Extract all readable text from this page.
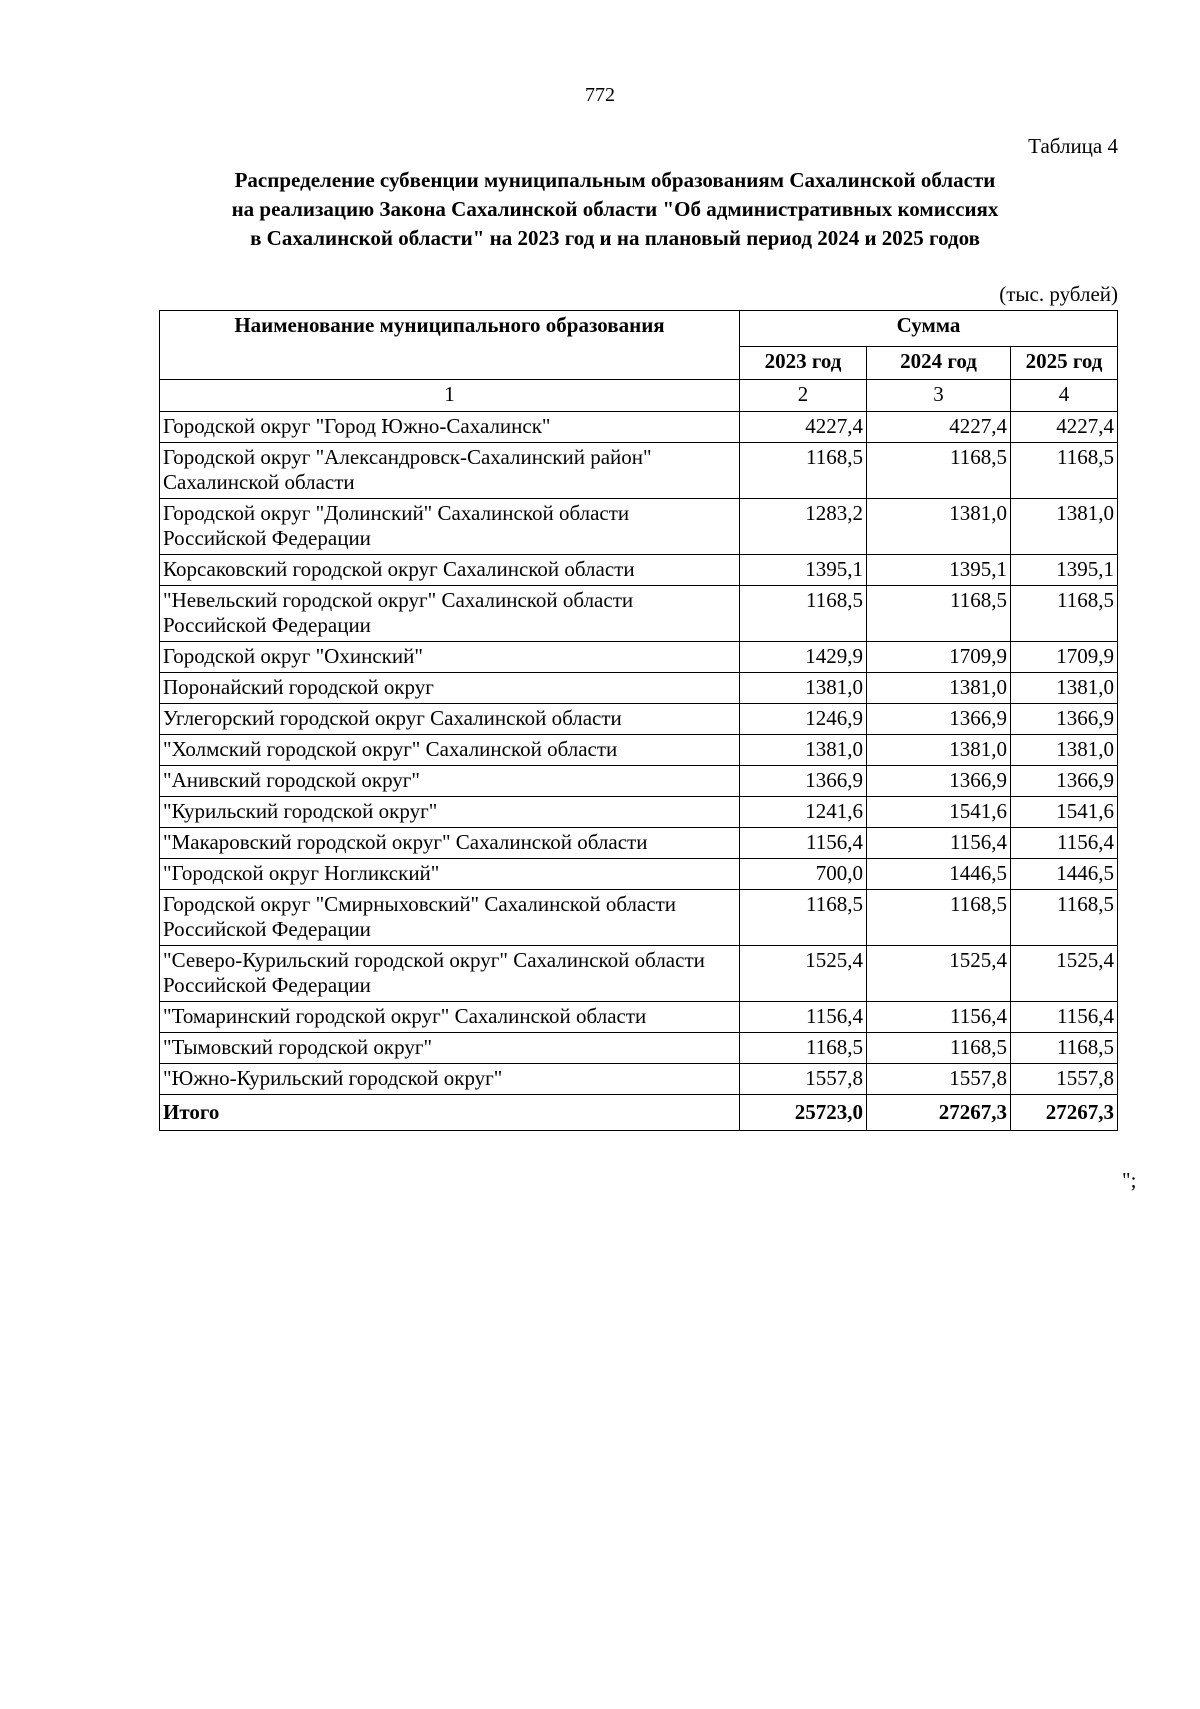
772
Таблица 4
Распределение субвенции муниципальным образованиям Сахалинской области
на реализацию Закона Сахалинской области "Об административных комиссиях
в Сахалинской области" на 2023 год и на плановый период 2024 и 2025 годов
(тыс. рублей)
Наименование муниципального образования	Сумма		
	2023 год	2024 год	2025 год
1	2	3	4
Городской округ "Город Южно-Сахалинск"	4227,4	4227,4	4227,4
Городской округ "Александровск-Сахалинский район" Сахалинской области	1168,5	1168,5	1168,5
Городской округ "Долинский" Сахалинской области Российской Федерации	1283,2	1381,0	1381,0
Корсаковский городской округ Сахалинской области	1395,1	1395,1	1395,1
"Невельский городской округ" Сахалинской области Российской Федерации	1168,5	1168,5	1168,5
Городской округ "Охинский"	1429,9	1709,9	1709,9
Поронайский городской округ	1381,0	1381,0	1381,0
Углегорский городской округ Сахалинской области	1246,9	1366,9	1366,9
"Холмский городской округ" Сахалинской области	1381,0	1381,0	1381,0
"Анивский городской округ"	1366,9	1366,9	1366,9
"Курильский городской округ"	1241,6	1541,6	1541,6
"Макаровский городской округ" Сахалинской области	1156,4	1156,4	1156,4
"Городской округ Ногликский"	700,0	1446,5	1446,5
Городской округ "Смирныховский" Сахалинской области Российской Федерации	1168,5	1168,5	1168,5
"Северо-Курильский городской округ" Сахалинской области Российской Федерации	1525,4	1525,4	1525,4
"Томаринский городской округ" Сахалинской области	1156,4	1156,4	1156,4
"Тымовский городской округ"	1168,5	1168,5	1168,5
"Южно-Курильский городской округ"	1557,8	1557,8	1557,8
Итого	25723,0	27267,3	27267,3
";
